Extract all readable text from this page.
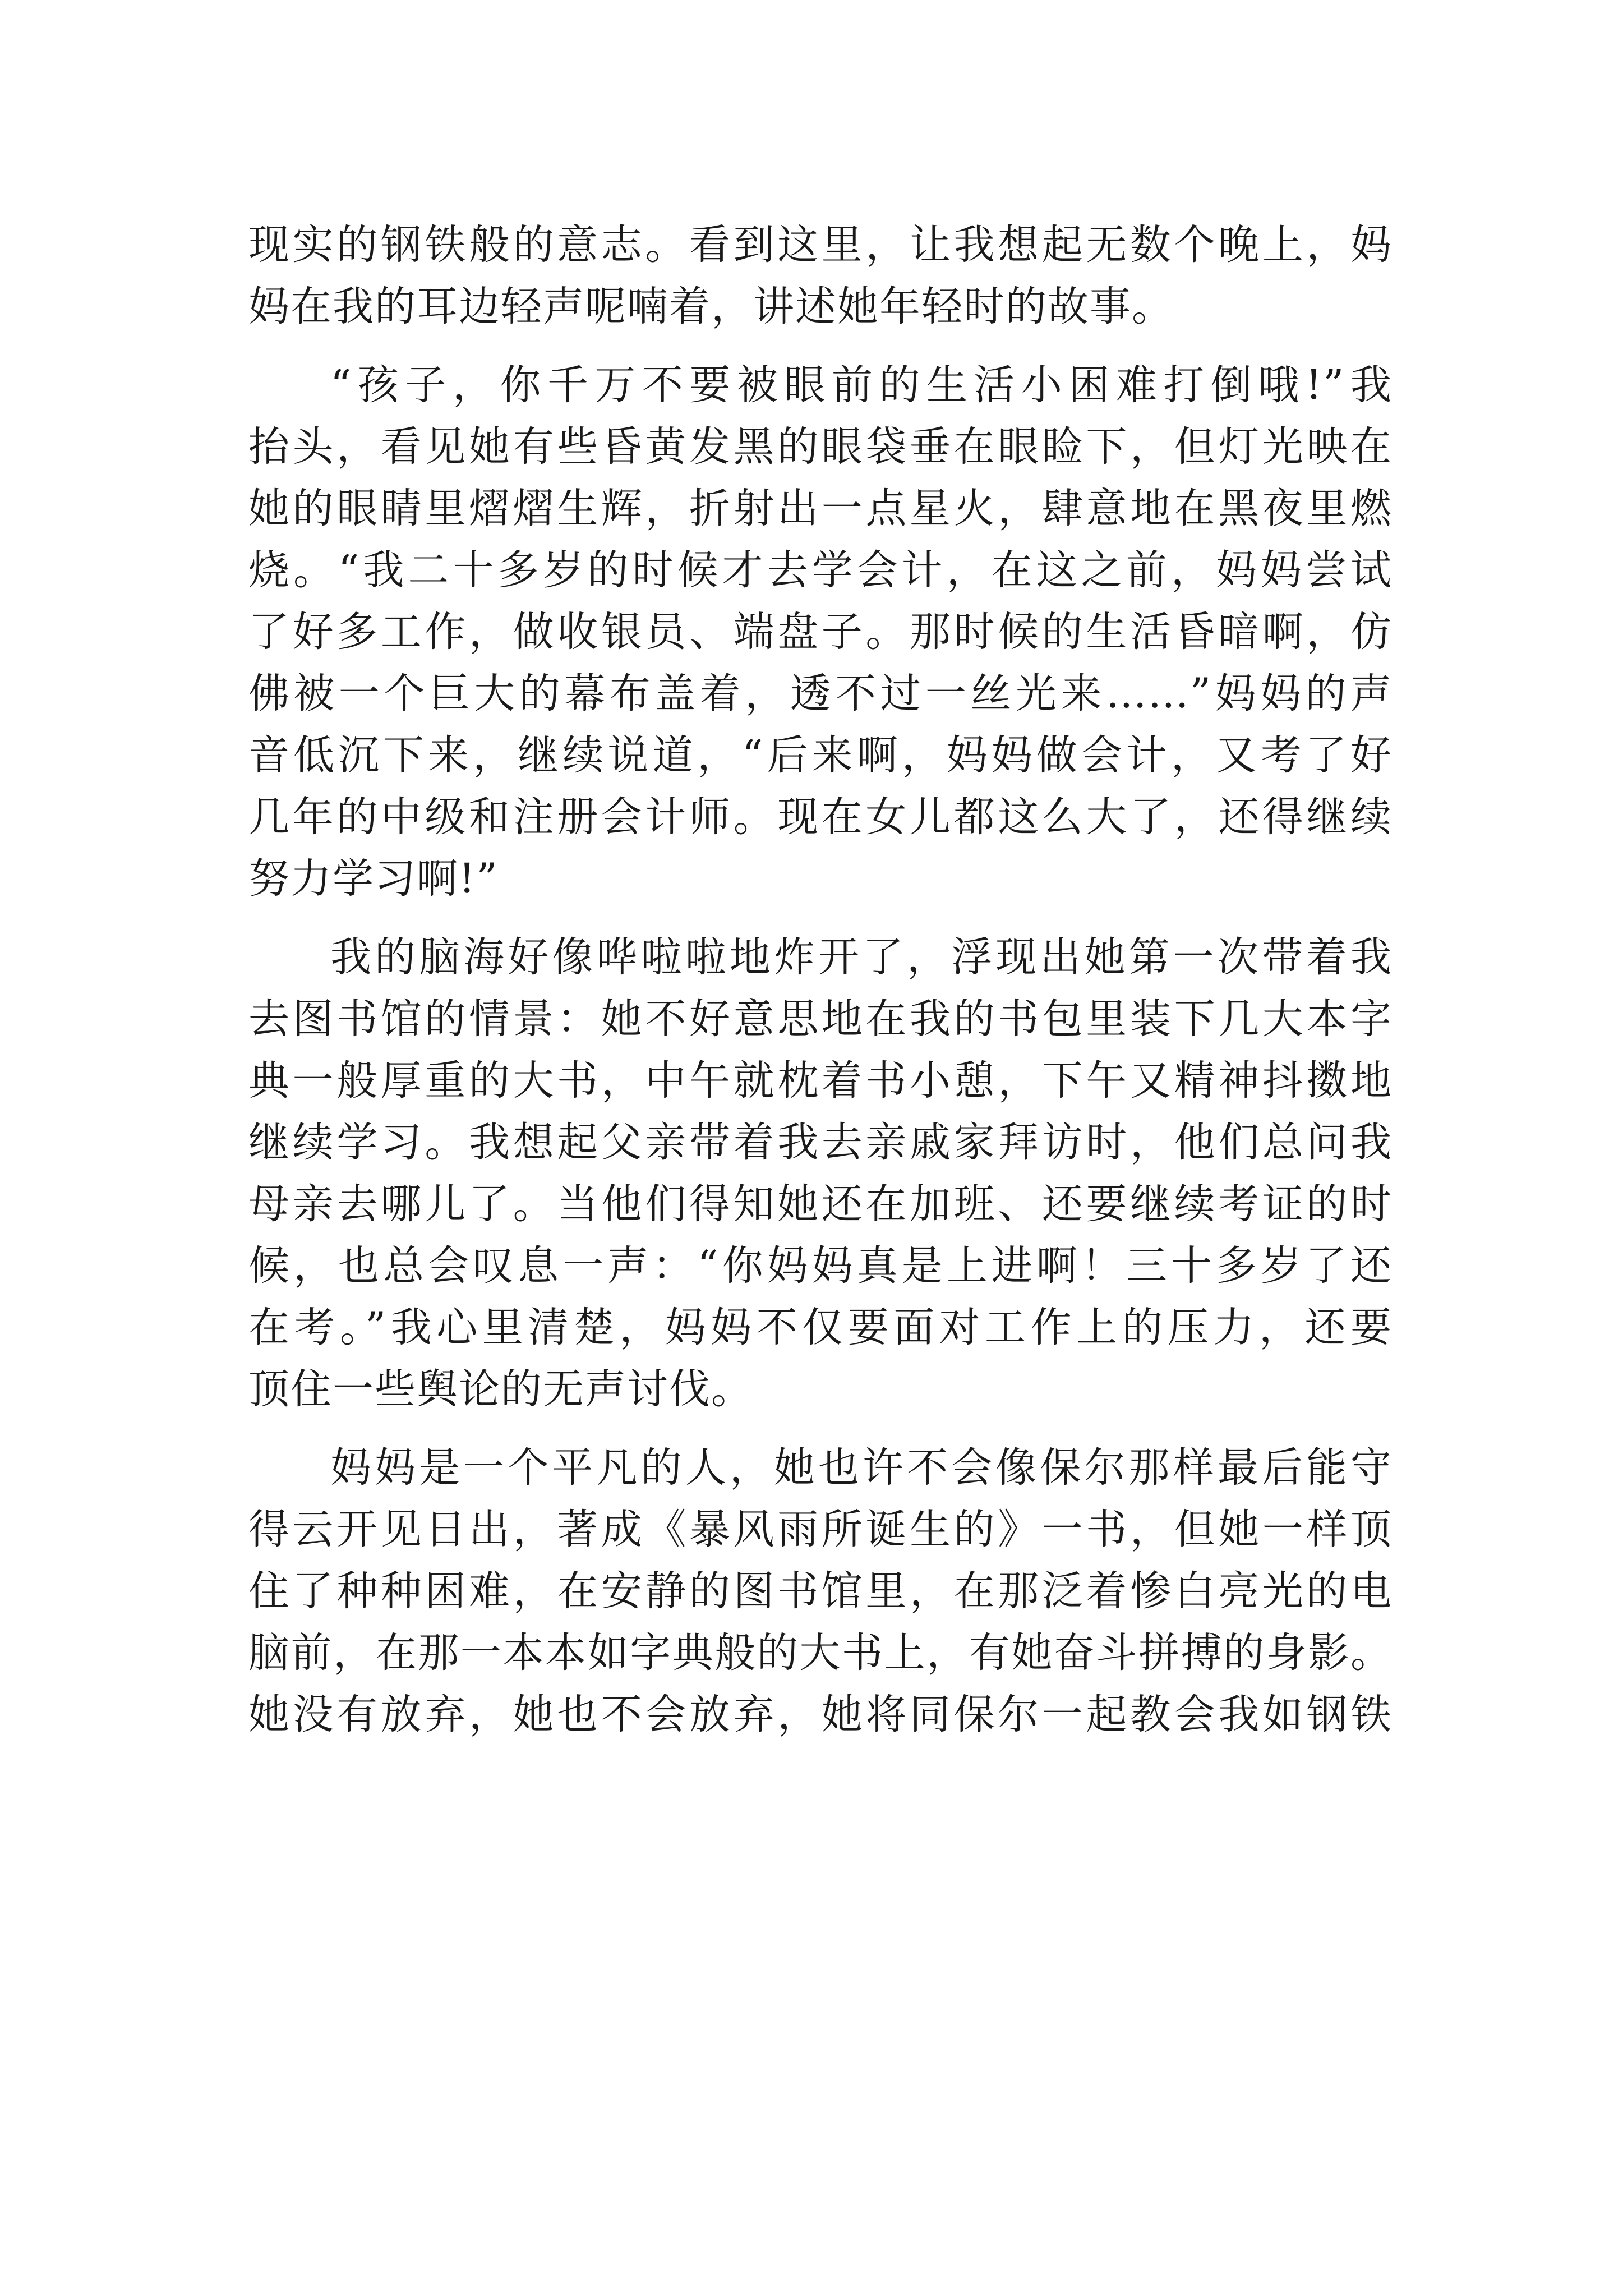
现实的钢铁般的意志。看到这里，让我想起无数个晚上，妈
妈在我的耳边轻声呢喃着，讲述她年轻时的故事。
“孩子，你千万不要被眼前的生活小困难打倒哦!”我
抬头，看见她有些昏黄发黑的眼袋垂在眼睑下，但灯光映在
她的眼睛里熠熠生辉，折射出一点星火，肆意地在黑夜里燃
烧。“我二十多岁的时候才去学会计，在这之前，妈妈尝试
了好多工作，做收银员、端盘子。那时候的生活昏暗啊，仿
佛被一个巨大的幕布盖着，透不过一丝光来……”妈妈的声
音低沉下来，继续说道，“后来啊，妈妈做会计，又考了好
几年的中级和注册会计师。现在女儿都这么大了，还得继续
努力学习啊!”
我的脑海好像哗啦啦地炸开了，浮现出她第一次带着我
去图书馆的情景：她不好意思地在我的书包里装下几大本字
典一般厚重的大书，中午就枕着书小憩，下午又精神抖擞地
继续学习。我想起父亲带着我去亲戚家拜访时，他们总问我
母亲去哪儿了。当他们得知她还在加班、还要继续考证的时
候，也总会叹息一声：“你妈妈真是上进啊！三十多岁了还
在考。”我心里清楚，妈妈不仅要面对工作上的压力，还要
顶住一些舆论的无声讨伐。
妈妈是一个平凡的人，她也许不会像保尔那样最后能守
得云开见日出，著成《暴风雨所诞生的》一书，但她一样顶
住了种种困难，在安静的图书馆里，在那泛着惨白亮光的电
脑前，在那一本本如字典般的大书上，有她奋斗拼搏的身影。
她没有放弃，她也不会放弃，她将同保尔一起教会我如钢铁
